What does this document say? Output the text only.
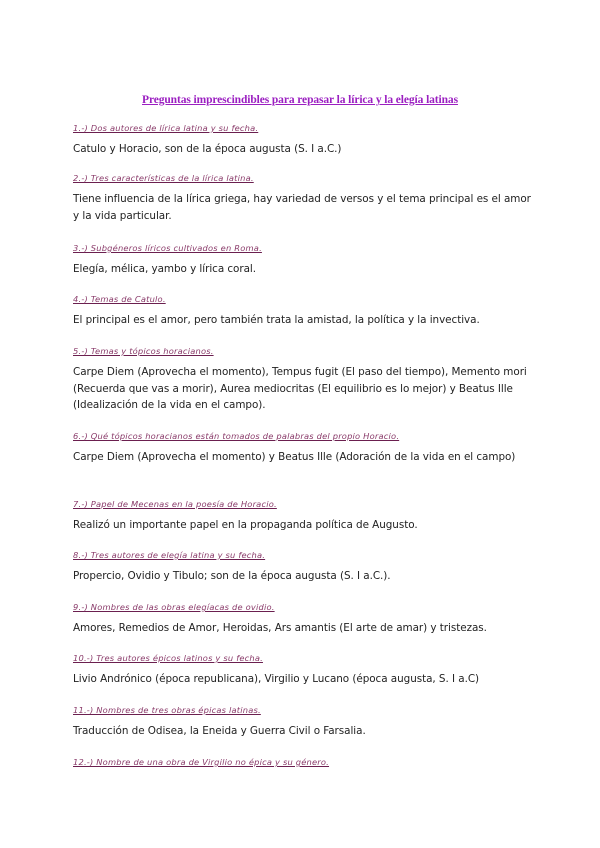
Preguntas imprescindibles para repasar la lírica y la elegía latinas
1.-) Dos autores de lírica latina y su fecha.
Catulo y Horacio, son de la época augusta (S. I a.C.)
2.-) Tres características de la lírica latina.
Tiene influencia de la lírica griega, hay variedad de versos y el tema principal es el amor y la vida particular.
3.-) Subgéneros líricos cultivados en Roma.
Elegía, mélica, yambo y lírica coral.
4.-) Temas de Catulo.
El principal es el amor, pero también trata la amistad, la política y la invectiva.
5.-) Temas y tópicos horacianos.
Carpe Diem (Aprovecha el momento), Tempus fugit (El paso del tiempo), Memento mori (Recuerda que vas a morir), Aurea mediocritas (El equilibrio es lo mejor) y Beatus Ille (Idealización de la vida en el campo).
6.-) Qué tópicos horacianos están tomados de palabras del propio Horacio.
Carpe Diem (Aprovecha el momento) y Beatus Ille (Adoración de la vida en el campo)
7.-) Papel de Mecenas en la poesía de Horacio.
Realizó un importante papel en la propaganda política de Augusto.
8.-) Tres autores de elegía latina y su fecha.
Propercio, Ovidio y Tibulo; son de la época augusta (S. I a.C.).
9.-) Nombres de las obras elegíacas de ovidio.
Amores, Remedios de Amor, Heroidas, Ars amantis (El arte de amar) y tristezas.
10.-) Tres autores épicos latinos y su fecha.
Livio Andrónico (época republicana), Virgilio y Lucano (época augusta, S. I a.C)
11.-) Nombres de tres obras épicas latinas.
Traducción de Odisea, la Eneida y Guerra Civil o Farsalia.
12.-) Nombre de una obra de Virgilio no épica y su género.
